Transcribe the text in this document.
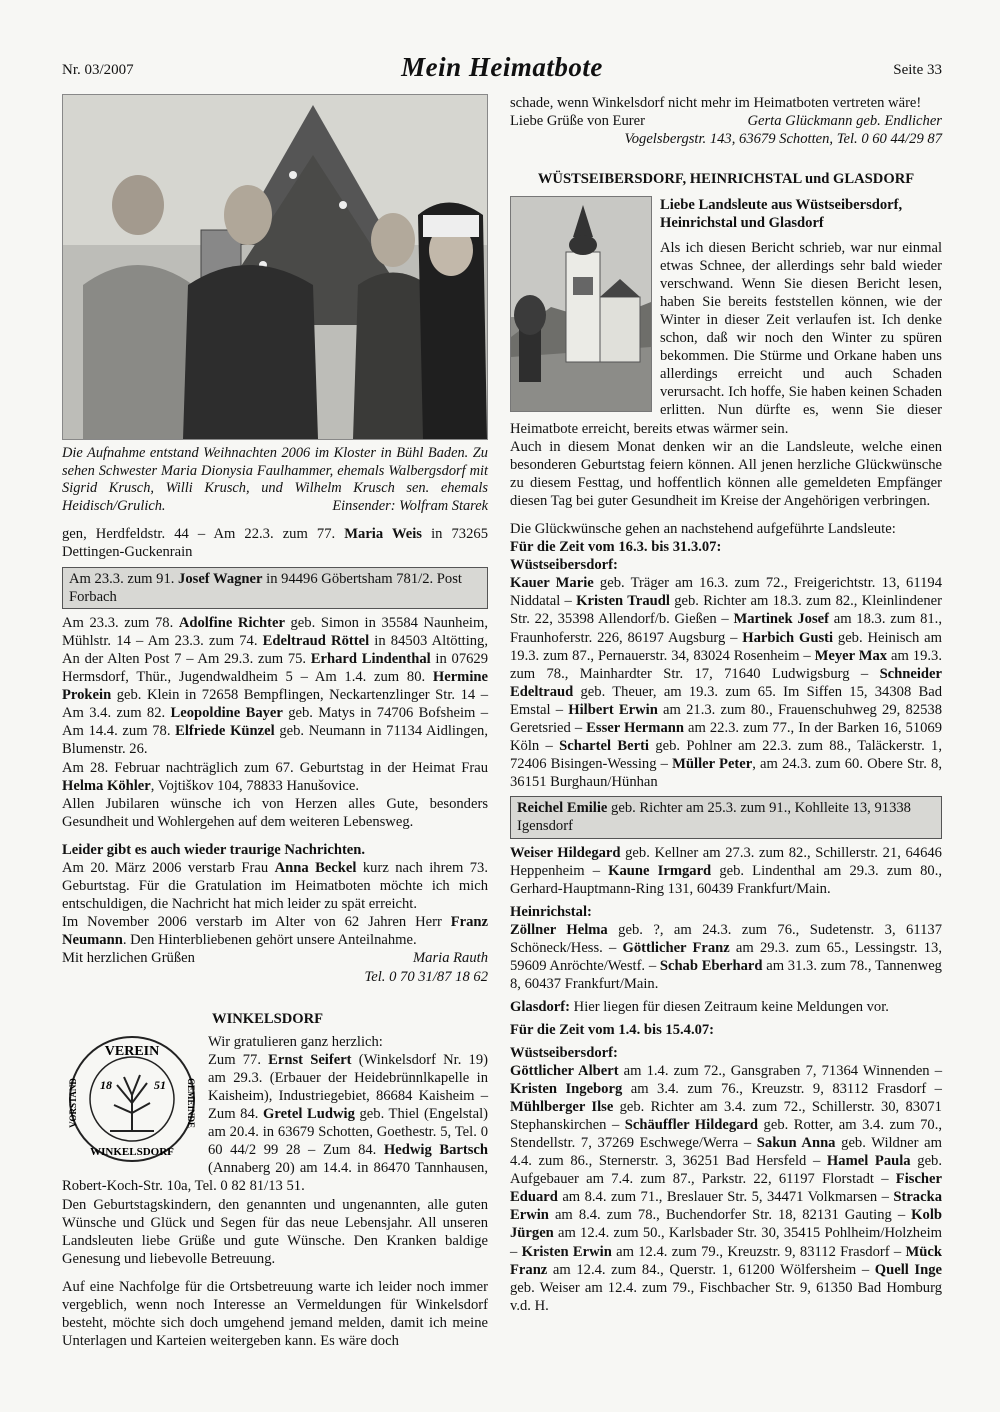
Nr. 03/2007	Mein Heimatbote	Seite 33
Die Aufnahme entstand Weihnachten 2006 im Kloster in Bühl Baden. Zu sehen Schwester Maria Dionysia Faulhammer, ehemals Walbergsdorf mit Sigrid Krusch, Willi Krusch, und Wilhelm Krusch sen. ehemals Heidisch/Grulich.	Einsender: Wolfram Starek

gen, Herdfeldstr. 44 – Am 22.3. zum 77. Maria Weis in 73265 Dettingen-Guckenrain

Am 23.3. zum 91. Josef Wagner in 94496 Göbertsham 781/2. Post Forbach

Am 23.3. zum 78. Adolfine Richter geb. Simon in 35584 Naunheim, Mühlstr. 14 – Am 23.3. zum 74. Edeltraud Röttel in 84503 Altötting, An der Alten Post 7 – Am 29.3. zum 75. Erhard Lindenthal in 07629 Hermsdorf, Thür., Jugendwaldheim 5 – Am 1.4. zum 80. Hermine Prokein geb. Klein in 72658 Bempflingen, Neckartenzlinger Str. 14 – Am 3.4. zum 82. Leopoldine Bayer geb. Matys in 74706 Bofsheim – Am 14.4. zum 78. Elfriede Künzel geb. Neumann in 71134 Aidlingen, Blumenstr. 26.

Am 28. Februar nachträglich zum 67. Geburtstag in der Heimat Frau Helma Köhler, Vojtiškov 104, 78833 Hanušovice.

Allen Jubilaren wünsche ich von Herzen alles Gute, besonders Gesundheit und Wohlergehen auf dem weiteren Lebensweg.

Leider gibt es auch wieder traurige Nachrichten.

Am 20. März 2006 verstarb Frau Anna Beckel kurz nach ihrem 73. Geburtstag. Für die Gratulation im Heimatboten möchte ich mich entschuldigen, die Nachricht hat mich leider zu spät erreicht.

Im November 2006 verstarb im Alter von 62 Jahren Herr Franz Neumann. Den Hinterbliebenen gehört unsere Anteilnahme.

Mit herzlichen Grüßen	Maria Rauth

Tel. 0 70 31/87 18 62

WINKELSDORF
VEREIN
VORSTAND	GEMEINDE
WINKELSDORF
18	51

Wir gratulieren ganz herzlich:

Zum 77. Ernst Seifert (Winkelsdorf Nr. 19) am 29.3. (Erbauer der Heidebrünnlkapelle in Kaisheim), Industriegebiet, 86684 Kaisheim – Zum 84. Gretel Ludwig geb. Thiel (Engelstal) am 20.4. in 63679 Schotten, Goethestr. 5, Tel. 0 60 44/2 99 28 – Zum 84. Hedwig Bartsch (Annaberg 20) am 14.4. in 86470 Tannhausen, Robert-Koch-Str. 10a, Tel. 0 82 81/13 51.

Den Geburtstagskindern, den genannten und ungenannten, alle guten Wünsche und Glück und Segen für das neue Lebensjahr. All unseren Landsleuten liebe Grüße und gute Wünsche. Den Kranken baldige Genesung und liebevolle Betreuung.

Auf eine Nachfolge für die Ortsbetreuung warte ich leider noch immer vergeblich, wenn noch Interesse an Vermeldungen für Winkelsdorf besteht, möchte sich doch umgehend jemand melden, damit ich meine Unterlagen und Karteien weitergeben kann. Es wäre doch

schade, wenn Winkelsdorf nicht mehr im Heimatboten vertreten wäre!

Liebe Grüße von Eurer	Gerta Glückmann geb. Endlicher

Vogelsbergstr. 143, 63679 Schotten, Tel. 0 60 44/29 87

WÜSTSEIBERSDORF, HEINRICHSTAL und GLASDORF

Liebe Landsleute aus Wüstseibersdorf, Heinrichstal und Glasdorf

Als ich diesen Bericht schrieb, war nur einmal etwas Schnee, der allerdings sehr bald wieder verschwand. Wenn Sie diesen Bericht lesen, haben Sie bereits feststellen können, wie der Winter in dieser Zeit verlaufen ist. Ich denke schon, daß wir noch den Winter zu spüren bekommen. Die Stürme und Orkane haben uns allerdings erreicht und auch Schaden verursacht. Ich hoffe, Sie haben keinen Schaden erlitten. Nun dürfte es, wenn Sie dieser Heimatbote erreicht, bereits etwas wärmer sein.

Auch in diesem Monat denken wir an die Landsleute, welche einen besonderen Geburtstag feiern können. All jenen herzliche Glückwünsche zu diesem Festtag, und hoffentlich können alle gemeldeten Empfänger diesen Tag bei guter Gesundheit im Kreise der Angehörigen verbringen.

Die Glückwünsche gehen an nachstehend aufgeführte Landsleute:

Für die Zeit vom 16.3. bis 31.3.07:

Wüstseibersdorf:

Kauer Marie geb. Träger am 16.3. zum 72., Freigerichtstr. 13, 61194 Niddatal – Kristen Traudl geb. Richter am 18.3. zum 82., Kleinlindener Str. 22, 35398 Allendorf/b. Gießen – Martinek Josef am 18.3. zum 81., Fraunhoferstr. 226, 86197 Augsburg – Harbich Gusti geb. Heinisch am 19.3. zum 87., Pernauerstr. 34, 83024 Rosenheim – Meyer Max am 19.3. zum 78., Mainhardter Str. 17, 71640 Ludwigsburg – Schneider Edeltraud geb. Theuer, am 19.3. zum 65. Im Siffen 15, 34308 Bad Emstal – Hilbert Erwin am 21.3. zum 80., Frauenschuhweg 29, 82538 Geretsried – Esser Hermann am 22.3. zum 77., In der Barken 16, 51069 Köln – Schartel Berti geb. Pohlner am 22.3. zum 88., Taläckerstr. 1, 72406 Bisingen-Wessing – Müller Peter, am 24.3. zum 60. Obere Str. 8, 36151 Burghaun/Hünhan

Reichel Emilie geb. Richter am 25.3. zum 91., Kohlleite 13, 91338 Igensdorf

Weiser Hildegard geb. Kellner am 27.3. zum 82., Schillerstr. 21, 64646 Heppenheim – Kaune Irmgard geb. Lindenthal am 29.3. zum 80., Gerhard-Hauptmann-Ring 131, 60439 Frankfurt/Main.

Heinrichstal:

Zöllner Helma geb. ?, am 24.3. zum 76., Sudetenstr. 3, 61137 Schöneck/Hess. – Göttlicher Franz am 29.3. zum 65., Lessingstr. 13, 59609 Anröchte/Westf. – Schab Eberhard am 31.3. zum 78., Tannenweg 8, 60437 Frankfurt/Main.

Glasdorf: Hier liegen für diesen Zeitraum keine Meldungen vor.

Für die Zeit vom 1.4. bis 15.4.07:

Wüstseibersdorf:

Göttlicher Albert am 1.4. zum 72., Gansgraben 7, 71364 Winnenden – Kristen Ingeborg am 3.4. zum 76., Kreuzstr. 9, 83112 Frasdorf – Mühlberger Ilse geb. Richter am 3.4. zum 72., Schillerstr. 30, 83071 Stephanskirchen – Schäuffler Hildegard geb. Rotter, am 3.4. zum 70., Stendellstr. 7, 37269 Eschwege/Werra – Sakun Anna geb. Wildner am 4.4. zum 86., Sternerstr. 3, 36251 Bad Hersfeld – Hamel Paula geb. Aufgebauer am 7.4. zum 87., Parkstr. 22, 61197 Florstadt – Fischer Eduard am 8.4. zum 71., Breslauer Str. 5, 34471 Volkmarsen – Stracka Erwin am 8.4. zum 78., Buchendorfer Str. 18, 82131 Gauting – Kolb Jürgen am 12.4. zum 50., Karlsbader Str. 30, 35415 Pohlheim/Holzheim – Kristen Erwin am 12.4. zum 79., Kreuzstr. 9, 83112 Frasdorf – Mück Franz am 12.4. zum 84., Querstr. 1, 61200 Wölfersheim – Quell Inge geb. Weiser am 12.4. zum 79., Fischbacher Str. 9, 61350 Bad Homburg v.d. H.
